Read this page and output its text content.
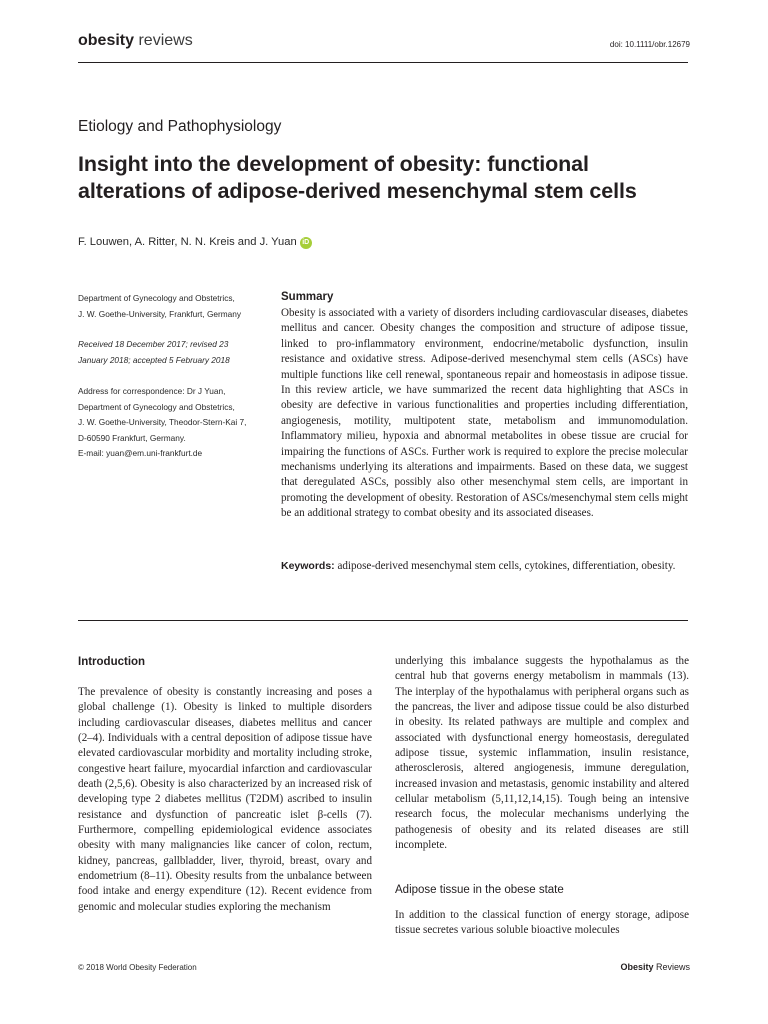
obesity reviews	doi: 10.1111/obr.12679
Etiology and Pathophysiology
Insight into the development of obesity: functional alterations of adipose-derived mesenchymal stem cells
F. Louwen, A. Ritter, N. N. Kreis and J. Yuan iD
Department of Gynecology and Obstetrics,
J. W. Goethe-University, Frankfurt, Germany
Received 18 December 2017; revised 23
January 2018; accepted 5 February 2018
Address for correspondence: Dr J Yuan,
Department of Gynecology and Obstetrics,
J. W. Goethe-University, Theodor-Stern-Kai 7,
D-60590 Frankfurt, Germany.
E-mail: yuan@em.uni-frankfurt.de
Summary
Obesity is associated with a variety of disorders including cardiovascular diseases, diabetes mellitus and cancer. Obesity changes the composition and structure of adipose tissue, linked to pro-inflammatory environment, endocrine/metabolic dysfunction, insulin resistance and oxidative stress. Adipose-derived mesenchymal stem cells (ASCs) have multiple functions like cell renewal, spontaneous repair and homeostasis in adipose tissue. In this review article, we have summarized the recent data highlighting that ASCs in obesity are defective in various functionalities and properties including differentiation, angiogenesis, motility, multipotent state, metabolism and immunomodulation. Inflammatory milieu, hypoxia and abnormal metabolites in obese tissue are crucial for impairing the functions of ASCs. Further work is required to explore the precise molecular mechanisms underlying its alterations and impairments. Based on these data, we suggest that deregulated ASCs, possibly also other mesenchymal stem cells, are important in promoting the development of obesity. Restoration of ASCs/mesenchymal stem cells might be an additional strategy to combat obesity and its associated diseases.
Keywords: adipose-derived mesenchymal stem cells, cytokines, differentiation, obesity.
Introduction
The prevalence of obesity is constantly increasing and poses a global challenge (1). Obesity is linked to multiple disorders including cardiovascular diseases, diabetes mellitus and cancer (2–4). Individuals with a central deposition of adipose tissue have elevated cardiovascular morbidity and mortality including stroke, congestive heart failure, myocardial infarction and cardiovascular death (2,5,6). Obesity is also characterized by an increased risk of developing type 2 diabetes mellitus (T2DM) ascribed to insulin resistance and dysfunction of pancreatic islet β-cells (7). Furthermore, compelling epidemiological evidence associates obesity with many malignancies like cancer of colon, rectum, kidney, pancreas, gallbladder, liver, thyroid, breast, ovary and endometrium (8–11). Obesity results from the unbalance between food intake and energy expenditure (12). Recent evidence from genomic and molecular studies exploring the mechanism
underlying this imbalance suggests the hypothalamus as the central hub that governs energy metabolism in mammals (13). The interplay of the hypothalamus with peripheral organs such as the pancreas, the liver and adipose tissue could be also disturbed in obesity. Its related pathways are multiple and complex and associated with dysfunctional energy homeostasis, deregulated adipose tissue, systemic inflammation, insulin resistance, atherosclerosis, altered angiogenesis, immune deregulation, increased invasion and metastasis, genomic instability and altered cellular metabolism (5,11,12,14,15). Tough being an intensive research focus, the molecular mechanisms underlying the pathogenesis of obesity and its related diseases are still incomplete.
Adipose tissue in the obese state
In addition to the classical function of energy storage, adipose tissue secretes various soluble bioactive molecules
© 2018 World Obesity Federation	Obesity Reviews
